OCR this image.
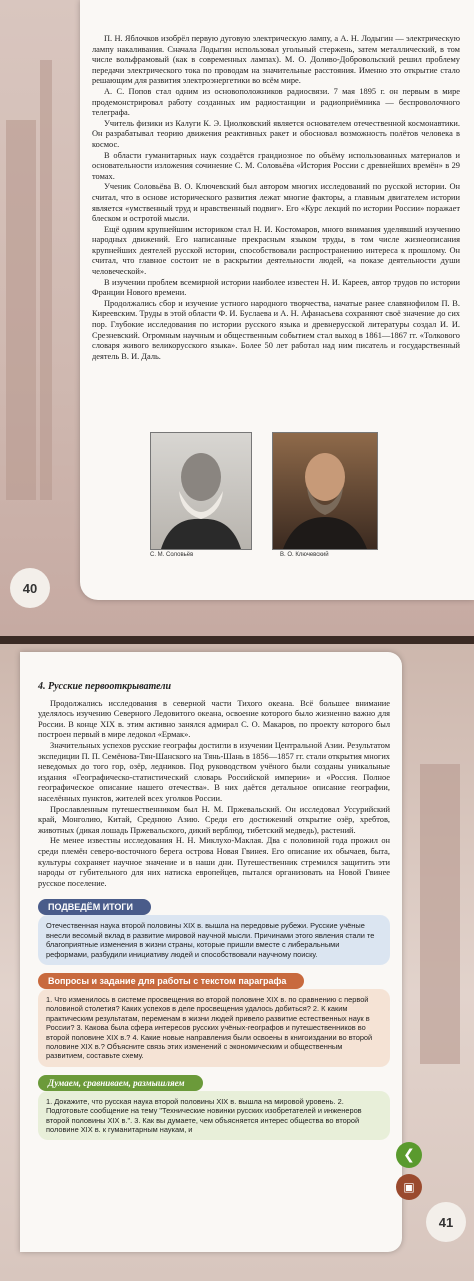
П. Н. Яблочков изобрёл первую дуговую электрическую лампу, а А. Н. Лодыгин — электрическую лампу накаливания. Сначала Лодыгин использовал угольный стержень, затем металлический, в том числе вольфрамовый (как в современных лампах). М. О. Доливо-Добровольский решил проблему передачи электрического тока по проводам на значительные расстояния. Именно это открытие стало решающим для развития электроэнергетики во всём мире.

А. С. Попов стал одним из основоположников радиосвязи. 7 мая 1895 г. он первым в мире продемонстрировал работу созданных им радиостанции и радиоприёмника — беспроволочного телеграфа.

Учитель физики из Калуги К. Э. Циолковский является основателем отечественной космонавтики. Он разрабатывал теорию движения реактивных ракет и обосновал возможность полётов человека в космос.

В области гуманитарных наук создаётся грандиозное по объёму использованных материалов и основательности изложения сочинение С. М. Соловьёва «История России с древнейших времён» в 29 томах.

Ученик Соловьёва В. О. Ключевский был автором многих исследований по русской истории. Он считал, что в основе исторического развития лежат многие факторы, а главным двигателем истории является «умственный труд и нравственный подвиг». Его «Курс лекций по истории России» поражает блеском и остротой мысли.

Ещё одним крупнейшим историком стал Н. И. Костомаров, много внимания уделявший изучению народных движений. Его написанные прекрасным языком труды, в том числе жизнеописания крупнейших деятелей русской истории, способствовали распространению интереса к прошлому. Он считал, что главное состоит не в раскрытии деятельности людей, «а показе деятельности души человеческой».

В изучении проблем всемирной истории наиболее известен Н. И. Кареев, автор трудов по истории Франции Нового времени.

Продолжались сбор и изучение устного народного творчества, начатые ранее славянофилом П. В. Киреевским. Труды в этой области Ф. И. Буслаева и А. Н. Афанасьева сохраняют своё значение до сих пор. Глубокие исследования по истории русского языка и древнерусской литературы создал И. И. Срезневский. Огромным научным и общественным событием стал выход в 1861—1867 гг. «Толкового словаря живого великорусского языка». Более 50 лет работал над ним писатель и государственный деятель В. И. Даль.

С. М. Соловьёв	В. О. Ключевский
40

4. Русские первооткрыватели

Продолжались исследования в северной части Тихого океана. Всё большее внимание уделялось изучению Северного Ледовитого океана, освоение которого было жизненно важно для России. В конце XIX в. этим активно занялся адмирал С. О. Макаров, по проекту которого был построен первый в мире ледокол «Ермак».

Значительных успехов русские географы достигли в изучении Центральной Азии. Результатом экспедиции П. П. Семёнова-Тян-Шанского на Тянь-Шань в 1856—1857 гг. стали открытия многих неведомых до того гор, озёр, ледников. Под руководством учёного были созданы уникальные издания «Географическо-статистический словарь Российской империи» и «Россия. Полное географическое описание нашего отечества». В них даётся детальное описание географии, населённых пунктов, жителей всех уголков России.

Прославленным путешественником был Н. М. Пржевальский. Он исследовал Уссурийский край, Монголию, Китай, Среднюю Азию. Среди его достижений открытие озёр, хребтов, животных (дикая лошадь Пржевальского, дикий верблюд, тибетский медведь), растений.

Не менее известны исследования Н. Н. Миклухо-Маклая. Два с половиной года прожил он среди племён северо-восточного берега острова Новая Гвинея. Его описание их обычаев, быта, культуры сохраняет научное значение и в наши дни. Путешественник стремился защитить эти народы от губительного для них натиска европейцев, пытался организовать на Новой Гвинее русское поселение.

ПОДВЕДЁМ ИТОГИ

Отечественная наука второй половины XIX в. вышла на передовые рубежи. Русские учёные внесли весомый вклад в развитие мировой научной мысли. Причинами этого явления стали те благоприятные изменения в жизни страны, которые пришли вместе с либеральными реформами, разбудили инициативу людей и способствовали научному поиску.

Вопросы и задание для работы с текстом параграфа

1. Что изменилось в системе просвещения во второй половине XIX в. по сравнению с первой половиной столетия? Каких успехов в деле просвещения удалось добиться? 2. К каким практическим результатам, переменам в жизни людей привело развитие естественных наук в России? 3. Какова была сфера интересов русских учёных-географов и путешественников во второй половине XIX в.? 4. Какие новые направления были освоены в книгоиздании во второй половине XIX в.? Объясните связь этих изменений с экономическим и общественным развитием, составьте схему.

Думаем, сравниваем, размышляем

1. Докажите, что русская наука второй половины XIX в. вышла на мировой уровень. 2. Подготовьте сообщение на тему "Технические новинки русских изобретателей и инженеров второй половины XIX в.". 3. Как вы думаете, чем объясняется интерес общества во второй половине XIX в. к гуманитарным наукам, и

41
❮
▣
